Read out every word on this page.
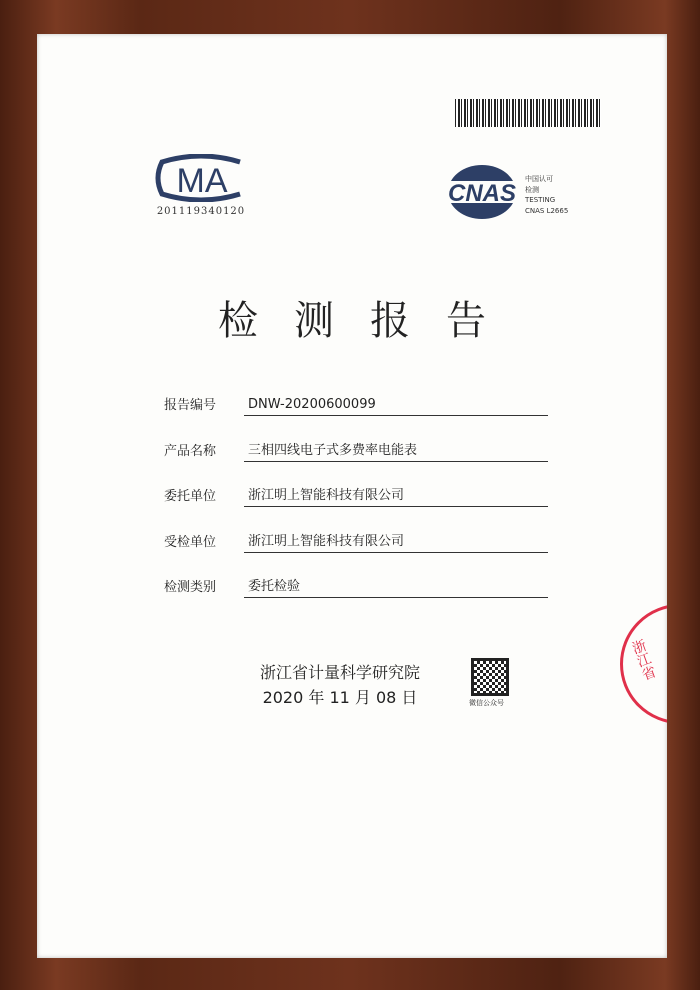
MA
201119340120
CNAS
中国认可
检测
TESTING
CNAS L2665
检测报告
报告编号	DNW-20200600099
产品名称	三相四线电子式多费率电能表
委托单位	浙江明上智能科技有限公司
受检单位	浙江明上智能科技有限公司
检测类别	委托检验
浙江省计量科学研究院
2020 年 11 月 08 日	微信公众号
浙江省
